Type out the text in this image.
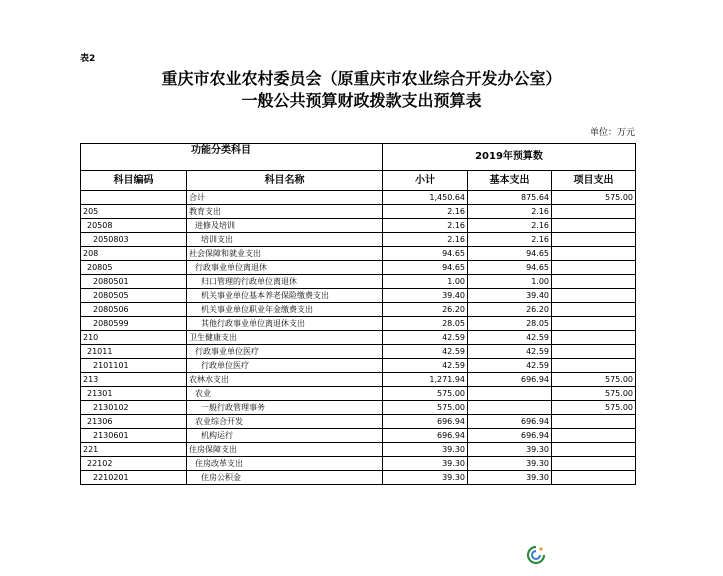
表2
重庆市农业农村委员会（原重庆市农业综合开发办公室）
一般公共预算财政拨款支出预算表
单位：万元
功能分类科目		2019年预算数		
科目编码	科目名称	小计	基本支出	项目支出
	合计	1,450.64	875.64	575.00
205	教育支出	2.16	2.16	
20508	进修及培训	2.16	2.16	
2050803	培训支出	2.16	2.16	
208	社会保障和就业支出	94.65	94.65	
20805	行政事业单位离退休	94.65	94.65	
2080501	归口管理的行政单位离退休	1.00	1.00	
2080505	机关事业单位基本养老保险缴费支出	39.40	39.40	
2080506	机关事业单位职业年金缴费支出	26.20	26.20	
2080599	其他行政事业单位离退休支出	28.05	28.05	
210	卫生健康支出	42.59	42.59	
21011	行政事业单位医疗	42.59	42.59	
2101101	行政单位医疗	42.59	42.59	
213	农林水支出	1,271.94	696.94	575.00
21301	农业	575.00		575.00
2130102	一般行政管理事务	575.00		575.00
21306	农业综合开发	696.94	696.94	
2130601	机构运行	696.94	696.94	
221	住房保障支出	39.30	39.30	
22102	住房改革支出	39.30	39.30	
2210201	住房公积金	39.30	39.30	
